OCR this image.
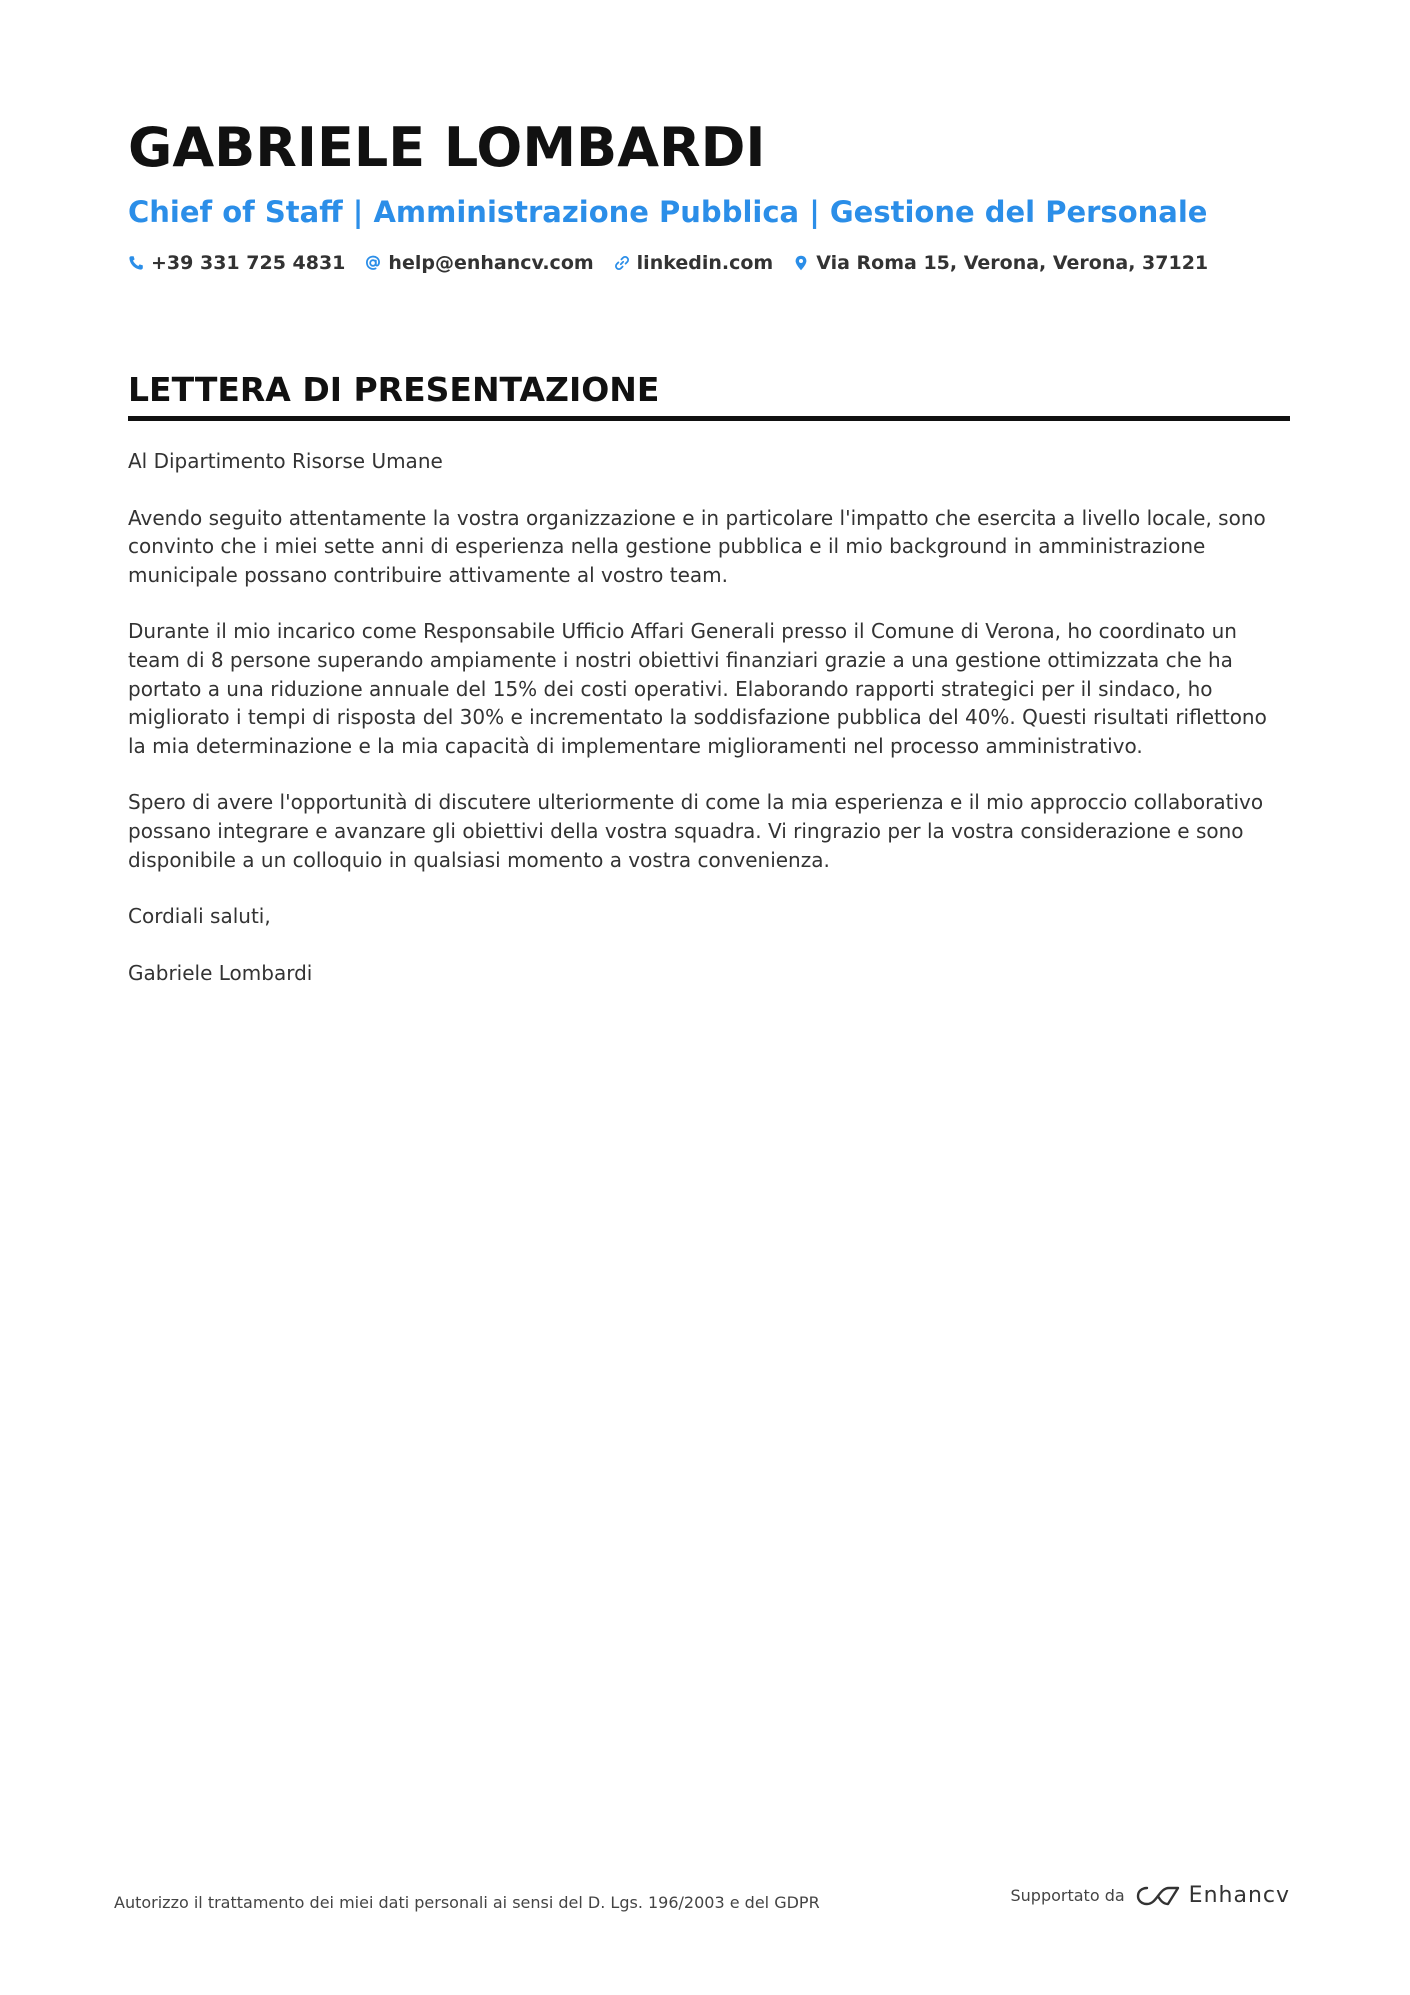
GABRIELE LOMBARDI
Chief of Staff | Amministrazione Pubblica | Gestione del Personale
+39 331 725 4831 help@enhancv.com linkedin.com Via Roma 15, Verona, Verona, 37121
LETTERA DI PRESENTAZIONE

Al Dipartimento Risorse Umane

Avendo seguito attentamente la vostra organizzazione e in particolare l'impatto che esercita a livello locale, sono convinto che i miei sette anni di esperienza nella gestione pubblica e il mio background in amministrazione municipale possano contribuire attivamente al vostro team.

Durante il mio incarico come Responsabile Ufficio Affari Generali presso il Comune di Verona, ho coordinato un team di 8 persone superando ampiamente i nostri obiettivi finanziari grazie a una gestione ottimizzata che ha portato a una riduzione annuale del 15% dei costi operativi. Elaborando rapporti strategici per il sindaco, ho migliorato i tempi di risposta del 30% e incrementato la soddisfazione pubblica del 40%. Questi risultati riflettono la mia determinazione e la mia capacità di implementare miglioramenti nel processo amministrativo.

Spero di avere l'opportunità di discutere ulteriormente di come la mia esperienza e il mio approccio collaborativo possano integrare e avanzare gli obiettivi della vostra squadra. Vi ringrazio per la vostra considerazione e sono disponibile a un colloquio in qualsiasi momento a vostra convenienza.

Cordiali saluti,

Gabriele Lombardi

Autorizzo il trattamento dei miei dati personali ai sensi del D. Lgs. 196/2003 e del GDPR	Supportato da	Enhancv
